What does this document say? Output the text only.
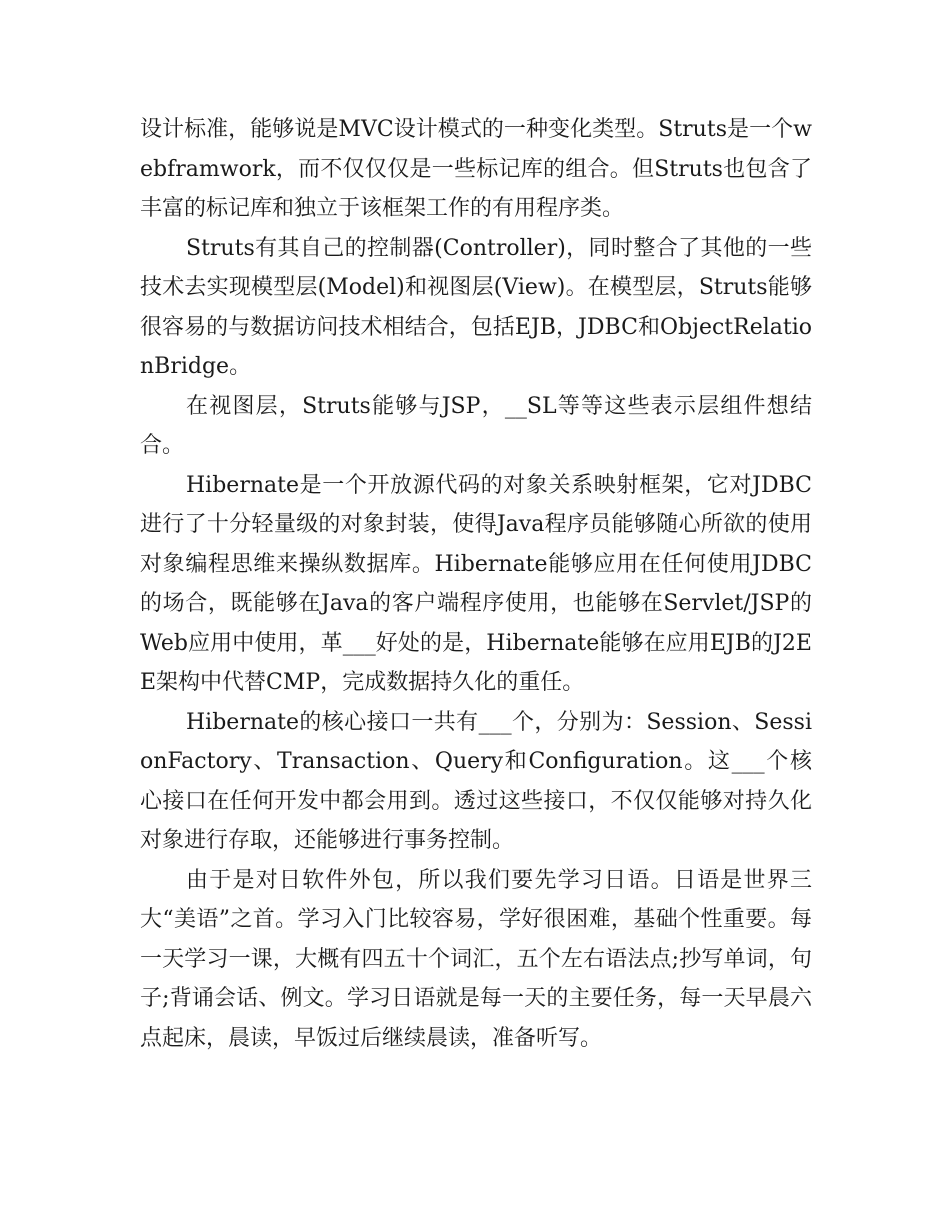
设计标准，能够说是MVC设计模式的一种变化类型。Struts是一个webframwork，而不仅仅仅是一些标记库的组合。但Struts也包含了丰富的标记库和独立于该框架工作的有用程序类。

Struts有其自己的控制器(Controller)，同时整合了其他的一些技术去实现模型层(Model)和视图层(View)。在模型层，Struts能够很容易的与数据访问技术相结合，包括EJB，JDBC和ObjectRelationBridge。

在视图层，Struts能够与JSP，__SL等等这些表示层组件想结合。

Hibernate是一个开放源代码的对象关系映射框架，它对JDBC进行了十分轻量级的对象封装，使得Java程序员能够随心所欲的使用对象编程思维来操纵数据库。Hibernate能够应用在任何使用JDBC的场合，既能够在Java的客户端程序使用，也能够在Servlet/JSP的Web应用中使用，革___好处的是，Hibernate能够在应用EJB的J2EE架构中代替CMP，完成数据持久化的重任。

Hibernate的核心接口一共有___个，分别为：Session、SessionFactory、Transaction、Query和Configuration。这___个核心接口在任何开发中都会用到。透过这些接口，不仅仅能够对持久化对象进行存取，还能够进行事务控制。

由于是对日软件外包，所以我们要先学习日语。日语是世界三大“美语”之首。学习入门比较容易，学好很困难，基础个性重要。每一天学习一课，大概有四五十个词汇，五个左右语法点;抄写单词，句子;背诵会话、例文。学习日语就是每一天的主要任务，每一天早晨六点起床，晨读，早饭过后继续晨读，准备听写。
